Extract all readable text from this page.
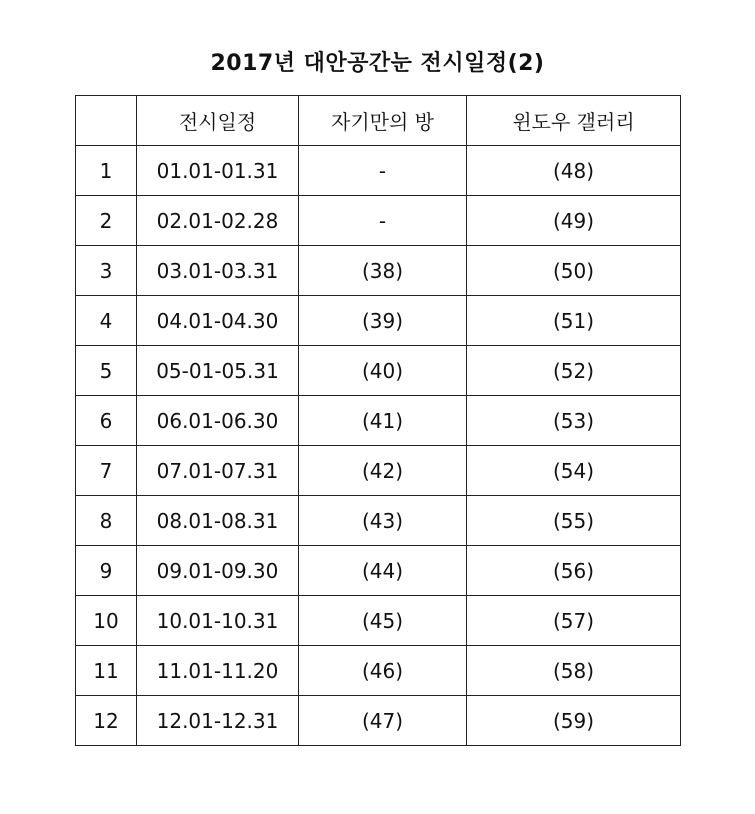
2017년 대안공간눈 전시일정(2)
	전시일정	자기만의 방	윈도우 갤러리
1	01.01-01.31	-	(48)
2	02.01-02.28	-	(49)
3	03.01-03.31	(38)	(50)
4	04.01-04.30	(39)	(51)
5	05-01-05.31	(40)	(52)
6	06.01-06.30	(41)	(53)
7	07.01-07.31	(42)	(54)
8	08.01-08.31	(43)	(55)
9	09.01-09.30	(44)	(56)
10	10.01-10.31	(45)	(57)
11	11.01-11.20	(46)	(58)
12	12.01-12.31	(47)	(59)
